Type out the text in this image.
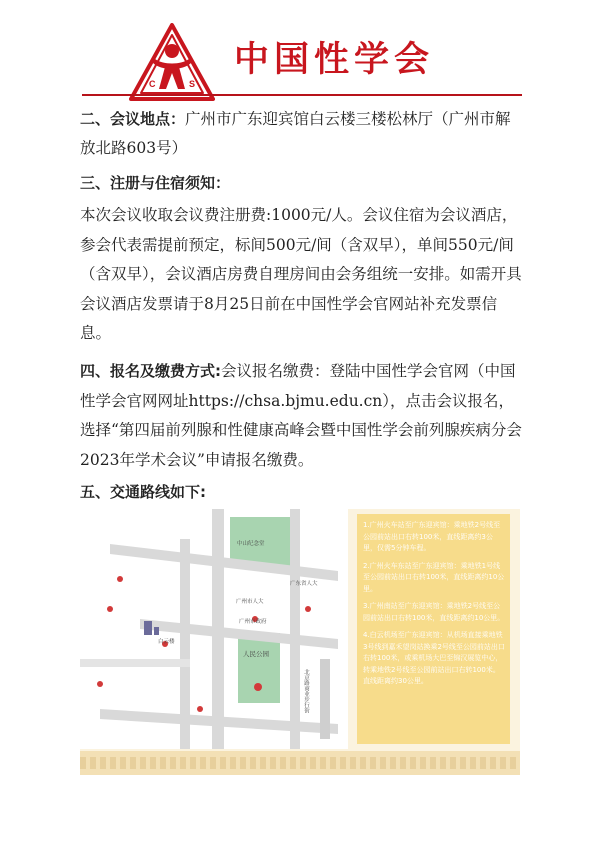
C	S
中国性学会
二、会议地点：广州市广东迎宾馆白云楼三楼松林厅（广州市解放北路603号）
三、注册与住宿须知：
本次会议收取会议费注册费:1000元/人。会议住宿为会议酒店，参会代表需提前预定，标间500元/间（含双早），单间550元/间（含双早），会议酒店房费自理房间由会务组统一安排。如需开具会议酒店发票请于8月25日前在中国性学会官网站补充发票信息。
四、报名及缴费方式:会议报名缴费：登陆中国性学会官网（中国性学会官网网址https://chsa.bjmu.edu.cn），点击会议报名，选择“第四届前列腺和性健康高峰会暨中国性学会前列腺疾病分会2023年学术会议”申请报名缴费。
五、交通路线如下:
中山纪念堂
人民公园
白云楼
广州市人大
广东省人大
广州市政府
北京路商业步行街

1.广州火车站至广东迎宾馆：乘地铁2号线至公园前站出口右转100米，直线距离约3公里，仅需5分钟车程。

2.广州火车东站至广东迎宾馆：乘地铁1号线至公园前站出口右转100米，直线距离约10公里。

3.广州南站至广东迎宾馆：乘地铁2号线至公园前站出口右转100米，直线距离约10公里。

4.白云机场至广东迎宾馆：从机场直接乘地铁3号线到嘉禾望岗站换乘2号线至公园前站出口右转100米，或乘机场大巴至锦汉展览中心，转乘地铁2号线至公园前站出口右转100米。直线距离约30公里。
